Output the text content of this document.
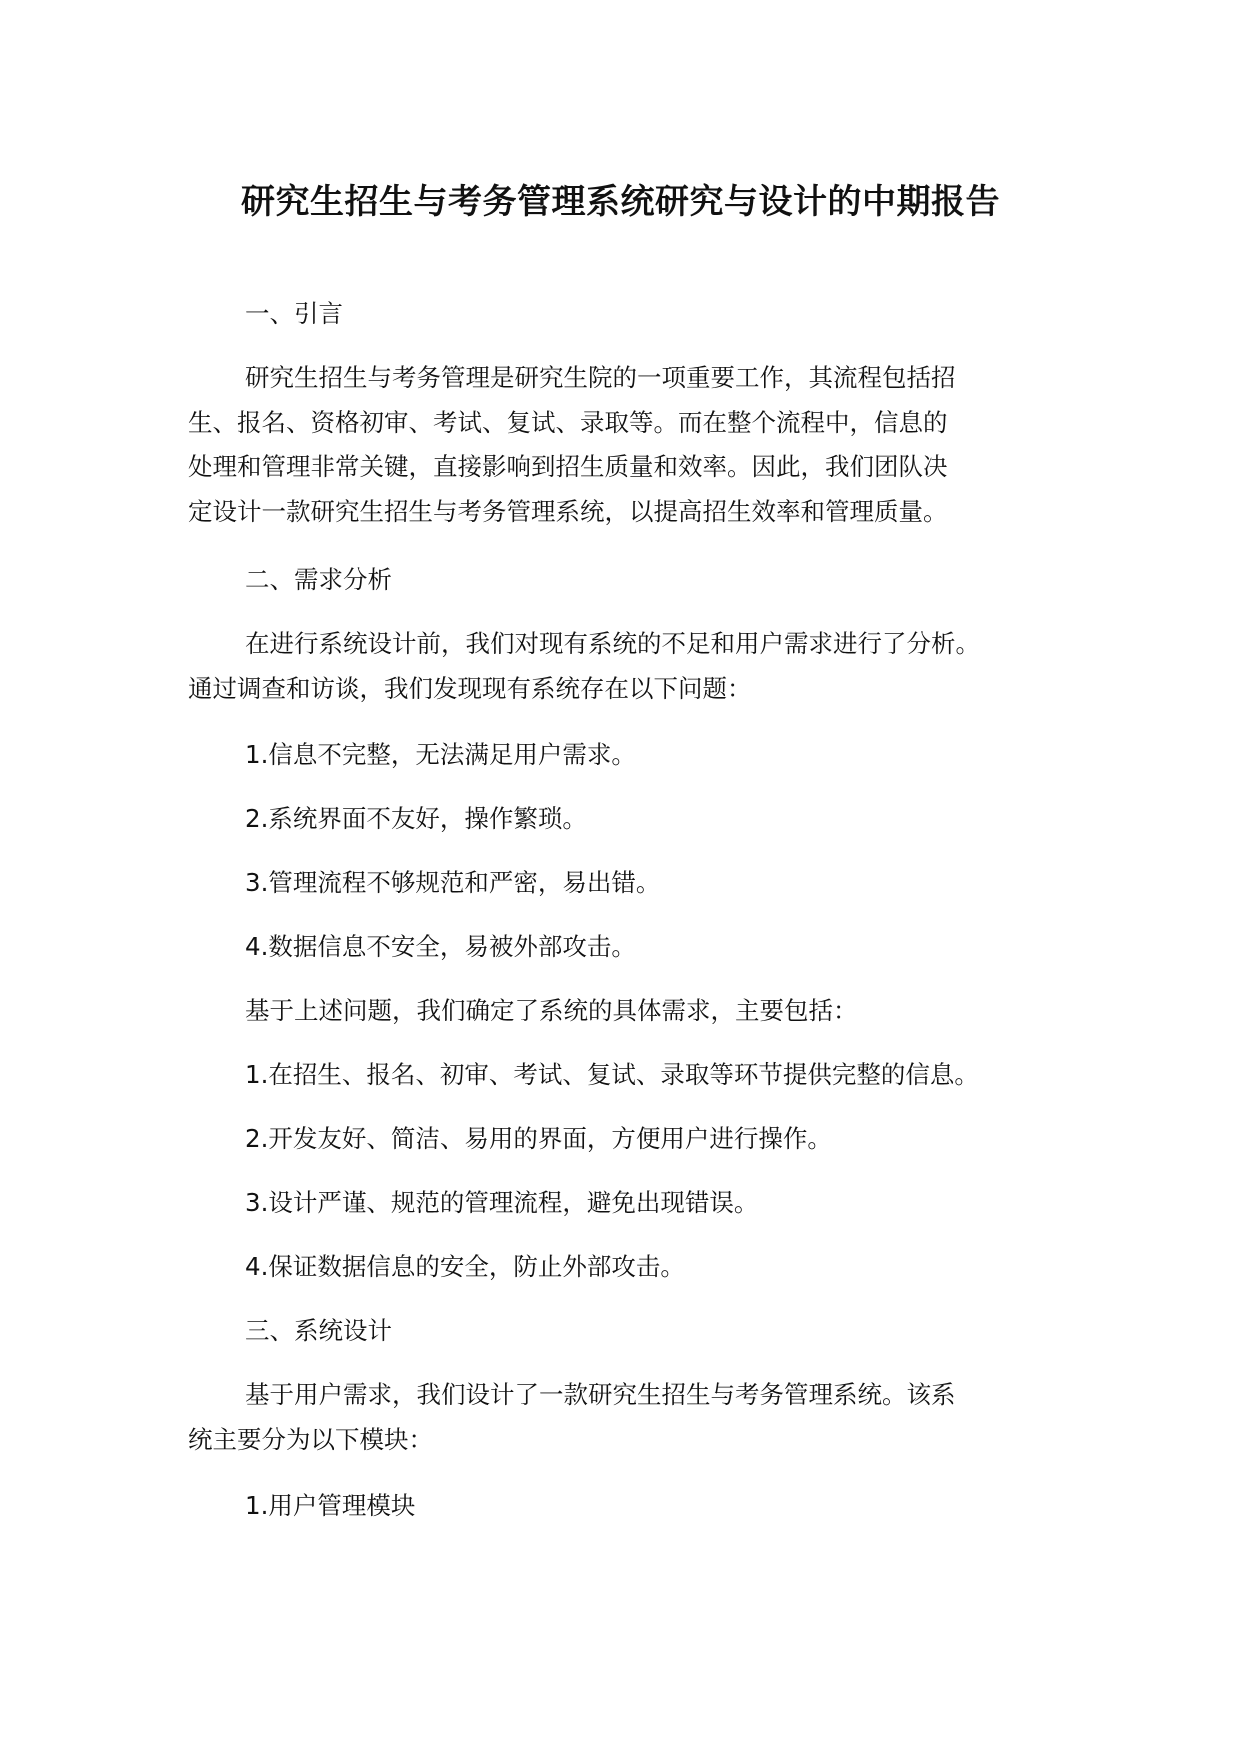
研究生招生与考务管理系统研究与设计的中期报告

一、引言

研究生招生与考务管理是研究生院的一项重要工作，其流程包括招

生、报名、资格初审、考试、复试、录取等。而在整个流程中，信息的

处理和管理非常关键，直接影响到招生质量和效率。因此，我们团队决

定设计一款研究生招生与考务管理系统，以提高招生效率和管理质量。

二、需求分析

在进行系统设计前，我们对现有系统的不足和用户需求进行了分析。

通过调查和访谈，我们发现现有系统存在以下问题：

1.信息不完整，无法满足用户需求。

2.系统界面不友好，操作繁琐。

3.管理流程不够规范和严密，易出错。

4.数据信息不安全，易被外部攻击。

基于上述问题，我们确定了系统的具体需求，主要包括：

1.在招生、报名、初审、考试、复试、录取等环节提供完整的信息。

2.开发友好、简洁、易用的界面，方便用户进行操作。

3.设计严谨、规范的管理流程，避免出现错误。

4.保证数据信息的安全，防止外部攻击。

三、系统设计

基于用户需求，我们设计了一款研究生招生与考务管理系统。该系

统主要分为以下模块：

1.用户管理模块
